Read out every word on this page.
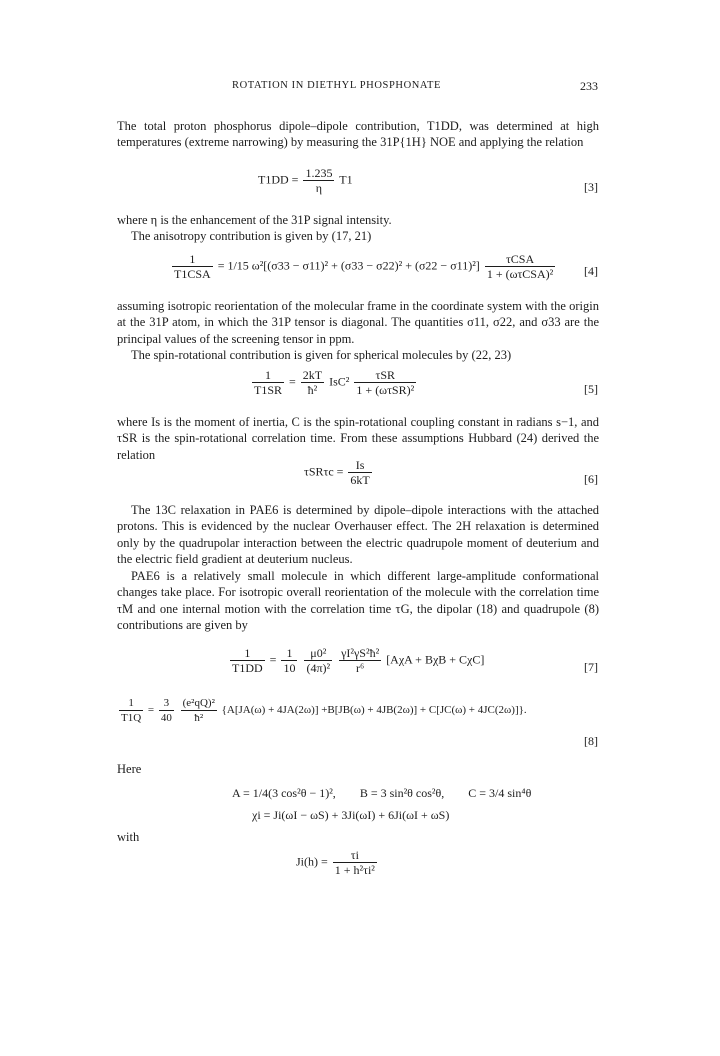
ROTATION IN DIETHYL PHOSPHONATE	233

The total proton phosphorus dipole–dipole contribution, T1DD, was determined at high temperatures (extreme narrowing) by measuring the 31P{1H} NOE and applying the relation

$T1DD = \frac{1.235}{\eta} T1$
[3]

where η is the enhancement of the 31P signal intensity.

The anisotropy contribution is given by (17, 21)

$\frac{1}{\text{T1CSA}} = 1/15$ $\omega^2[(\sigma 33 - \sigma 11)^2 + (\sigma 33 - \sigma 22)^2 + (\sigma 22 - \sigma 11)^2] \frac{\text{τCSA}}{\text{1 + (ωτCSA)²}} [4]$

assuming isotropic reorientation of the molecular frame in the coordinate system with the origin at the 31P atom, in which the 31P tensor is diagonal. The quantities σ11, σ22, and σ33 are the principal values of the screening tensor in ppm.

The spin-rotational contribution is given for spherical molecules by (22, 23)

$\frac{1}{T1SR} = \frac{2kT}{\text{ħ²}} IsC^2 \frac{\text{τSR}}{\text{1 + (ωτSR)²}}$	[5]

where Is is the moment of inertia, C is the spin-rotational coupling constant in radians s−1, and τSR is the spin-rotational correlation time. From these assumptions Hubbard (24) derived the relation

$\tau SR\tau c = \frac{Is}{6kT}$	[6]

The 13C relaxation in PAE6 is determined by dipole–dipole interactions with the attached protons. This is evidenced by the nuclear Overhauser effect. The 2H relaxation is determined only by the quadrupolar interaction between the electric quadrupole moment of deuterium and the electric field gradient at deuterium nucleus.

PAE6 is a relatively small molecule in which different large-amplitude conformational changes take place. For isotropic overall reorientation of the molecule with the correlation time τM and one internal motion with the correlation time τG, the dipolar (18) and quadrupole (8) contributions are given by

$\frac{1}{T1DD} = \frac{1}{10}$
$\frac{\text{μ0²}}{\text{(4π)²}}$
$\frac{\text{γI²γS²ħ²}}{\text{r⁶}} [A\chi A + B\chi B + C\chi C]$
[7]
$\frac{1}{T1Q} = \frac{3}{40}$
$\frac{\text{(e²qQ)²}}{\text{ħ²}} \{A[JA(\omega) + 4JA(2\omega)] +B[JB(\omega) + 4JB(2\omega)] + C[JC(\omega) + 4JC(2\omega)]\}$.
[8]
Here
A = 1/4(3 cos²θ − 1)², B = 3 sin²θ cos²θ, C = 3/4 sin⁴θ
χi = Ji(ωI − ωS) + 3Ji(ωI) + 6Ji(ωI + ωS)
with
$Ji(h) = \frac{\tau i}{\text{1 + h²τi²}}$
